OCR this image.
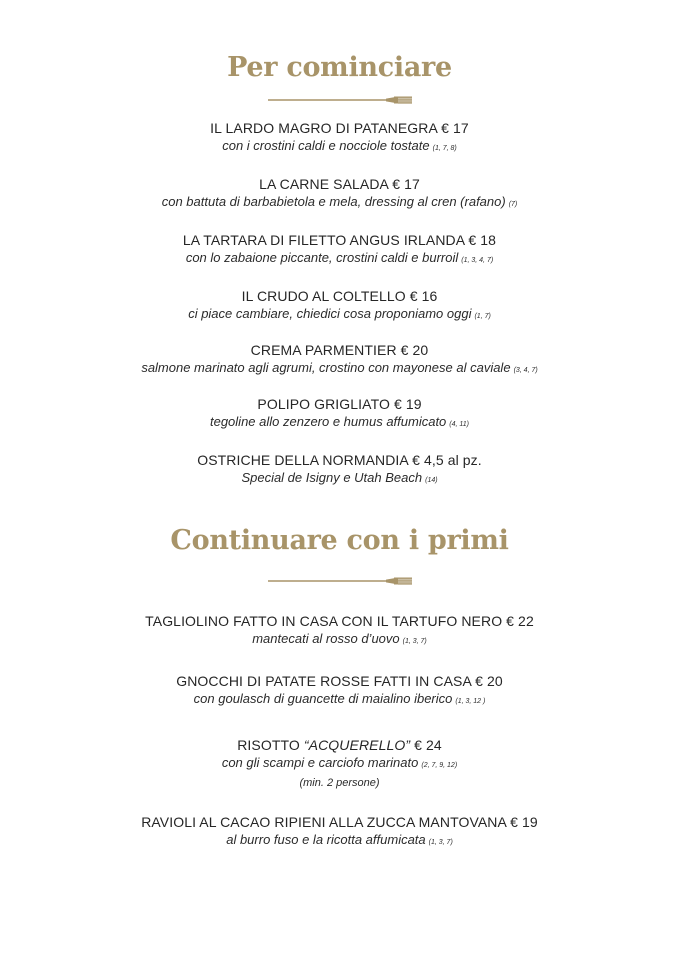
Per cominciare
IL LARDO MAGRO DI PATANEGRA € 17
con i crostini caldi e nocciole tostate (1, 7, 8)
LA CARNE SALADA € 17
con battuta di barbabietola e mela, dressing al cren (rafano) (7)
LA TARTARA DI FILETTO ANGUS IRLANDA € 18
con lo zabaione piccante, crostini caldi e burroil (1, 3, 4, 7)
IL CRUDO AL COLTELLO € 16
ci piace cambiare, chiedici cosa proponiamo oggi (1, 7)
CREMA PARMENTIER € 20
salmone marinato agli agrumi, crostino con mayonese al caviale (3, 4, 7)
POLIPO GRIGLIATO € 19
tegoline allo zenzero e humus affumicato (4, 11)
OSTRICHE DELLA NORMANDIA € 4,5 al pz.
Special de Isigny e Utah Beach (14)
Continuare con i primi
TAGLIOLINO FATTO IN CASA CON IL TARTUFO NERO € 22
mantecati al rosso d’uovo (1, 3, 7)
GNOCCHI DI PATATE ROSSE FATTI IN CASA € 20
con goulasch di guancette di maialino iberico (1, 3, 12 )
RISOTTO “ACQUERELLO” € 24
con gli scampi e carciofo marinato (2, 7, 9, 12)
(min. 2 persone)
RAVIOLI AL CACAO RIPIENI ALLA ZUCCA MANTOVANA € 19
al burro fuso e la ricotta affumicata (1, 3, 7)
